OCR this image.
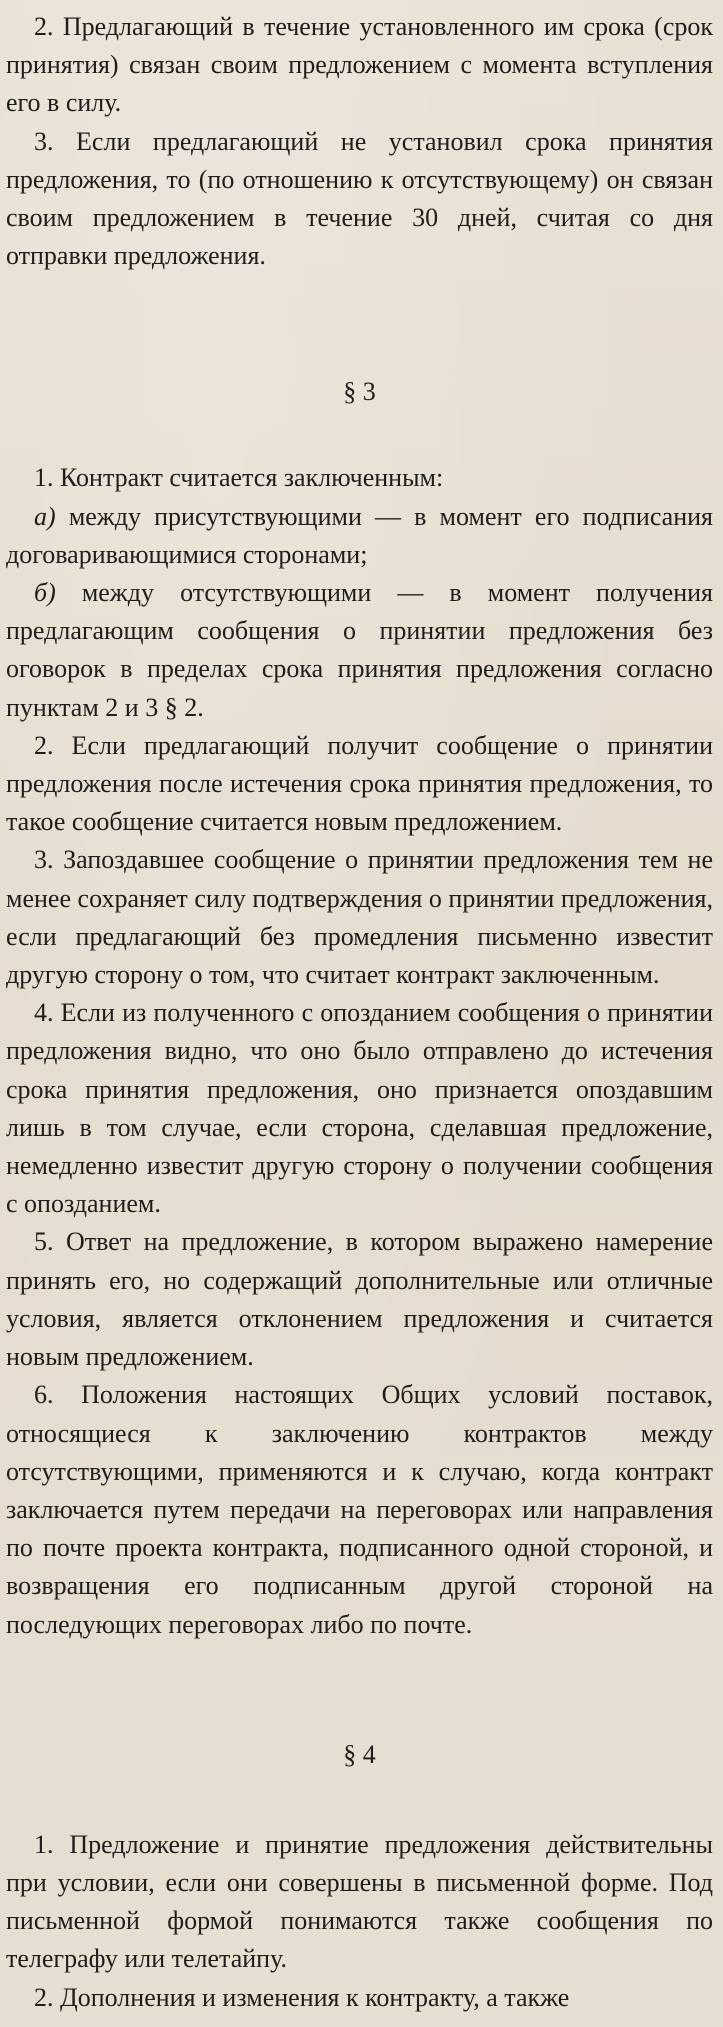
2. Предлагающий в течение установленного им срока (срок принятия) связан своим предложением с момента вступления его в силу.

3. Если предлагающий не установил срока принятия предложения, то (по отношению к отсутствующему) он связан своим предложением в течение 30 дней, считая со дня отправки предложения.

§ 3

1. Контракт считается заключенным:

а) между присутствующими — в момент его подписания договаривающимися сторонами;

б) между отсутствующими — в момент получения предлагающим сообщения о принятии предложения без оговорок в пределах срока принятия предложения согласно пунктам 2 и 3 § 2.

2. Если предлагающий получит сообщение о принятии предложения после истечения срока принятия предложения, то такое сообщение считается новым предложением.

3. Запоздавшее сообщение о принятии предложения тем не менее сохраняет силу подтверждения о принятии предложения, если предлагающий без промедления письменно известит другую сторону о том, что считает контракт заключенным.

4. Если из полученного с опозданием сообщения о принятии предложения видно, что оно было отправлено до истечения срока принятия предложения, оно признается опоздавшим лишь в том случае, если сторона, сделавшая предложение, немедленно известит другую сторону о получении сообщения с опозданием.

5. Ответ на предложение, в котором выражено намерение принять его, но содержащий дополнительные или отличные условия, является отклонением предложения и считается новым предложением.

6. Положения настоящих Общих условий поставок, относящиеся к заключению контрактов между отсутствующими, применяются и к случаю, когда контракт заключается путем передачи на переговорах или направления по почте проекта контракта, подписанного одной стороной, и возвращения его подписанным другой стороной на последующих переговорах либо по почте.

§ 4

1. Предложение и принятие предложения действительны при условии, если они совершены в письменной форме. Под письменной формой понимаются также сообщения по телеграфу или телетайпу.

2. Дополнения и изменения к контракту, а также
